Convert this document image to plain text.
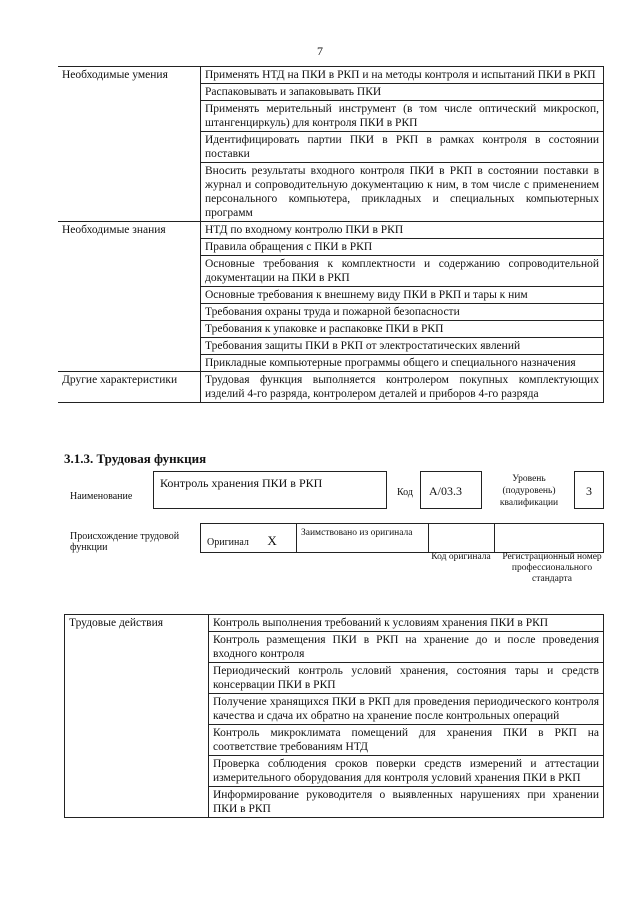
7
Необходимые умения	Применять НТД на ПКИ в РКП и на методы контроля и испытаний ПКИ в РКП
	Распаковывать и запаковывать ПКИ
	Применять мерительный инструмент (в том числе оптический микроскоп, штангенциркуль) для контроля ПКИ в РКП
	Идентифицировать партии ПКИ в РКП в рамках контроля в состоянии поставки
	Вносить результаты входного контроля ПКИ в РКП в состоянии поставки в журнал и сопроводительную документацию к ним, в том числе с применением персонального компьютера, прикладных и специальных компьютерных программ
Необходимые знания	НТД по входному контролю ПКИ в РКП
	Правила обращения с ПКИ в РКП
	Основные требования к комплектности и содержанию сопроводительной документации на ПКИ в РКП
	Основные требования к внешнему виду ПКИ в РКП и тары к ним
	Требования охраны труда и пожарной безопасности
	Требования к упаковке и распаковке ПКИ в РКП
	Требования защиты ПКИ в РКП от электростатических явлений
	Прикладные компьютерные программы общего и специального назначения
Другие характеристики	Трудовая функция выполняется контролером покупных комплектующих изделий 4-го разряда, контролером деталей и приборов 4-го разряда
3.1.3. Трудовая функция
Наименование
Контроль хранения ПКИ в РКП
Код	А/03.3
Уровень (подуровень) квалификации
3
Происхождение трудовой функции	Оригинал X	Заимствовано из оригинала
Код оригинала	Регистрационный номер профессионального стандарта
Трудовые действия	Контроль выполнения требований к условиям хранения ПКИ в РКП
Контроль размещения ПКИ в РКП на хранение до и после проведения входного контроля
Периодический контроль условий хранения, состояния тары и средств консервации ПКИ в РКП
Получение хранящихся ПКИ в РКП для проведения периодического контроля качества и сдача их обратно на хранение после контрольных операций
Контроль микроклимата помещений для хранения ПКИ в РКП на соответствие требованиям НТД
Проверка соблюдения сроков поверки средств измерений и аттестации измерительного оборудования для контроля условий хранения ПКИ в РКП
Информирование руководителя о выявленных нарушениях при хранении ПКИ в РКП
